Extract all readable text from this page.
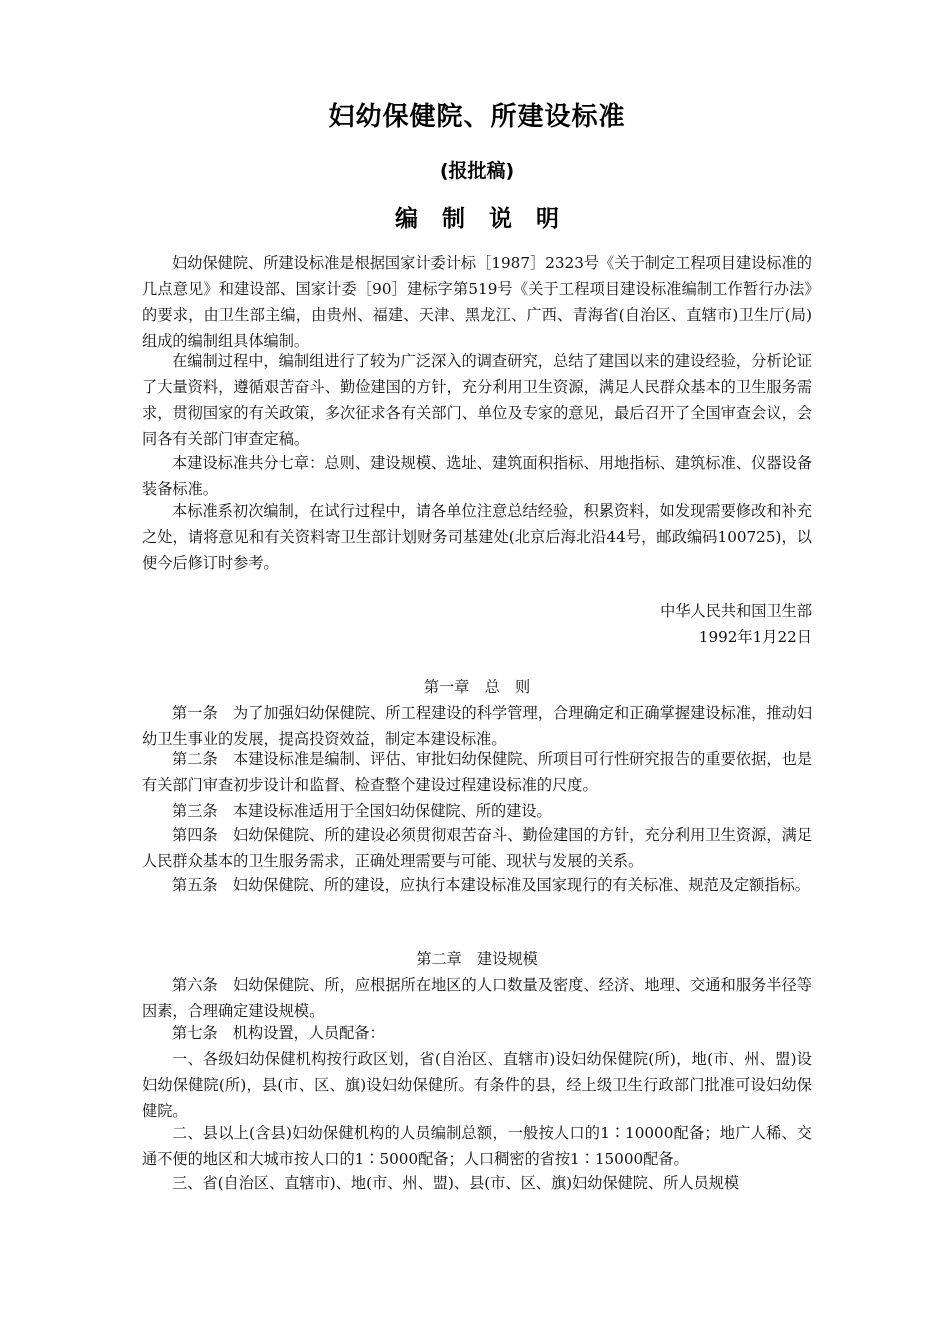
妇幼保健院、所建设标准
(报批稿)
编制说明

妇幼保健院、所建设标准是根据国家计委计标［1987］2323号《关于制定工程项目建设标准的几点意见》和建设部、国家计委［90］建标字第519号《关于工程项目建设标准编制工作暂行办法》的要求，由卫生部主编，由贵州、福建、天津、黑龙江、广西、青海省(自治区、直辖市)卫生厅(局)组成的编制组具体编制。

在编制过程中，编制组进行了较为广泛深入的调查研究，总结了建国以来的建设经验，分析论证了大量资料，遵循艰苦奋斗、勤俭建国的方针，充分利用卫生资源，满足人民群众基本的卫生服务需求，贯彻国家的有关政策，多次征求各有关部门、单位及专家的意见，最后召开了全国审查会议，会同各有关部门审查定稿。

本建设标准共分七章：总则、建设规模、选址、建筑面积指标、用地指标、建筑标准、仪器设备装备标准。

本标准系初次编制，在试行过程中，请各单位注意总结经验，积累资料，如发现需要修改和补充之处，请将意见和有关资料寄卫生部计划财务司基建处(北京后海北沿44号，邮政编码100725)，以便今后修订时参考。

中华人民共和国卫生部
1992年1月22日
第一章　总　则

第一条　为了加强妇幼保健院、所工程建设的科学管理，合理确定和正确掌握建设标准，推动妇幼卫生事业的发展，提高投资效益，制定本建设标准。

第二条　本建设标准是编制、评估、审批妇幼保健院、所项目可行性研究报告的重要依据，也是有关部门审查初步设计和监督、检查整个建设过程建设标准的尺度。

第三条　本建设标准适用于全国妇幼保健院、所的建设。

第四条　妇幼保健院、所的建设必须贯彻艰苦奋斗、勤俭建国的方针，充分利用卫生资源，满足人民群众基本的卫生服务需求，正确处理需要与可能、现状与发展的关系。

第五条　妇幼保健院、所的建设，应执行本建设标准及国家现行的有关标准、规范及定额指标。

第二章　建设规模

第六条　妇幼保健院、所，应根据所在地区的人口数量及密度、经济、地理、交通和服务半径等因素，合理确定建设规模。

第七条　机构设置，人员配备：

一、各级妇幼保健机构按行政区划，省(自治区、直辖市)设妇幼保健院(所)，地(市、州、盟)设妇幼保健院(所)，县(市、区、旗)设妇幼保健所。有条件的县，经上级卫生行政部门批准可设妇幼保健院。

二、县以上(含县)妇幼保健机构的人员编制总额，一般按人口的1∶10000配备；地广人稀、交通不便的地区和大城市按人口的1∶5000配备；人口稠密的省按1∶15000配备。

三、省(自治区、直辖市)、地(市、州、盟)、县(市、区、旗)妇幼保健院、所人员规模
